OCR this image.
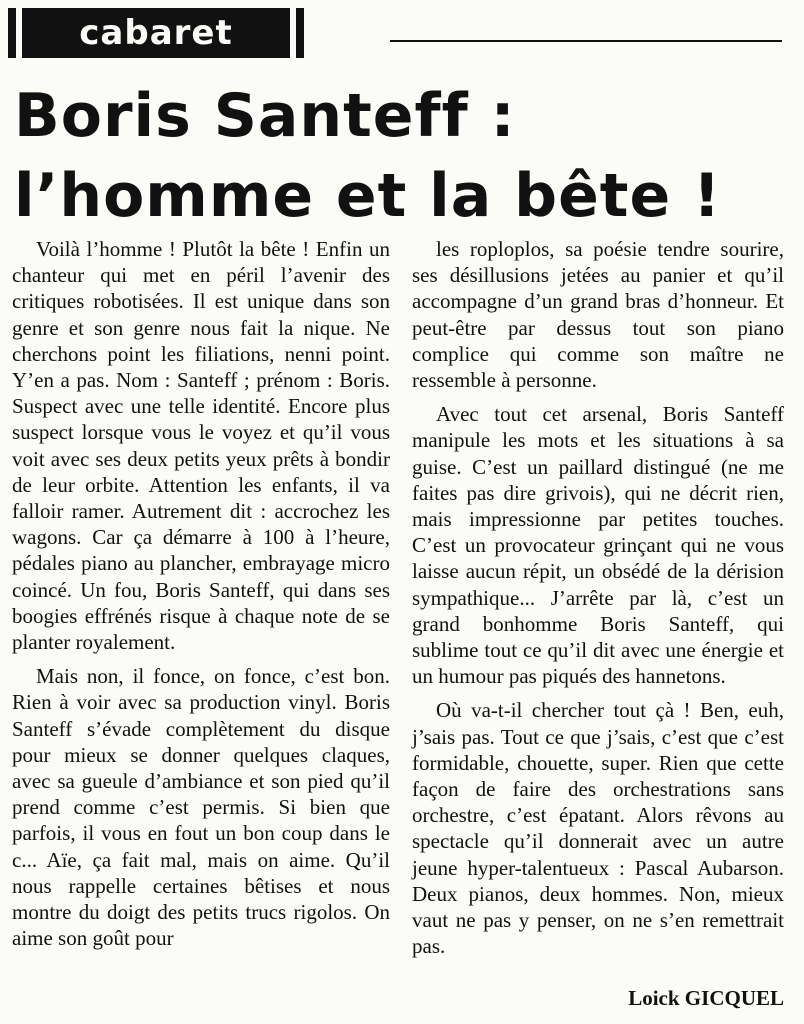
cabaret
Boris Santeff :
l’homme et la bête !

Voilà l’homme ! Plutôt la bête ! Enfin un chanteur qui met en péril l’avenir des critiques robotisées. Il est unique dans son genre et son genre nous fait la nique. Ne cherchons point les filiations, nenni point. Y’en a pas. Nom : Santeff ; prénom : Boris. Suspect avec une telle identité. Encore plus suspect lorsque vous le voyez et qu’il vous voit avec ses deux petits yeux prêts à bondir de leur orbite. Attention les enfants, il va falloir ramer. Autrement dit : accrochez les wagons. Car ça démarre à 100 à l’heure, pédales piano au plancher, embrayage micro coincé. Un fou, Boris Santeff, qui dans ses boogies effrénés risque à chaque note de se planter royalement.

Mais non, il fonce, on fonce, c’est bon. Rien à voir avec sa production vinyl. Boris Santeff s’évade complètement du disque pour mieux se donner quelques claques, avec sa gueule d’ambiance et son pied qu’il prend comme c’est permis. Si bien que parfois, il vous en fout un bon coup dans le c... Aïe, ça fait mal, mais on aime. Qu’il nous rappelle certaines bêtises et nous montre du doigt des petits trucs rigolos. On aime son goût pour

les roploplos, sa poésie tendre sourire, ses désillusions jetées au panier et qu’il accompagne d’un grand bras d’honneur. Et peut-être par dessus tout son piano complice qui comme son maître ne ressemble à personne.

Avec tout cet arsenal, Boris Santeff manipule les mots et les situations à sa guise. C’est un paillard distingué (ne me faites pas dire grivois), qui ne décrit rien, mais impressionne par petites touches. C’est un provocateur grinçant qui ne vous laisse aucun répit, un obsédé de la dérision sympathique... J’arrête par là, c’est un grand bonhomme Boris Santeff, qui sublime tout ce qu’il dit avec une énergie et un humour pas piqués des hannetons.

Où va-t-il chercher tout çà ! Ben, euh, j’sais pas. Tout ce que j’sais, c’est que c’est formidable, chouette, super. Rien que cette façon de faire des orchestrations sans orchestre, c’est épatant. Alors rêvons au spectacle qu’il donnerait avec un autre jeune hyper-talentueux : Pascal Aubarson. Deux pianos, deux hommes. Non, mieux vaut ne pas y penser, on ne s’en remettrait pas.

Loick GICQUEL
